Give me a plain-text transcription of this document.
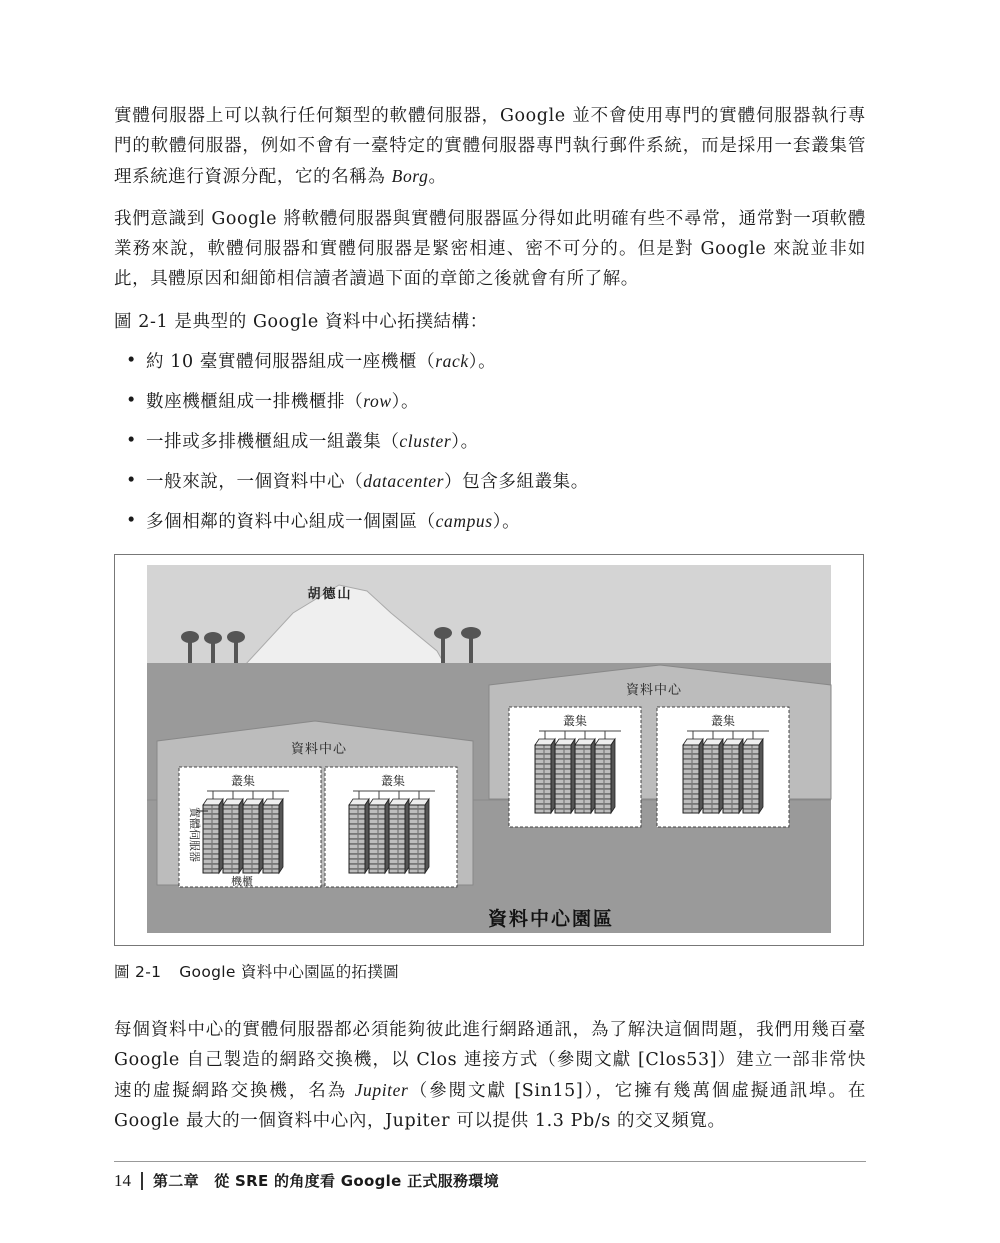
實體伺服器上可以執行任何類型的軟體伺服器，Google 並不會使用專門的實體伺服器執行專門的軟體伺服器，例如不會有一臺特定的實體伺服器專門執行郵件系統，而是採用一套叢集管理系統進行資源分配，它的名稱為 Borg。

我們意識到 Google 將軟體伺服器與實體伺服器區分得如此明確有些不尋常，通常對一項軟體業務來說，軟體伺服器和實體伺服器是緊密相連、密不可分的。但是對 Google 來說並非如此，具體原因和細節相信讀者讀過下面的章節之後就會有所了解。

圖 2-1 是典型的 Google 資料中心拓撲結構：

• 約 10 臺實體伺服器組成一座機櫃（rack）。
• 數座機櫃組成一排機櫃排（row）。
• 一排或多排機櫃組成一組叢集（cluster）。
• 一般來說，一個資料中心（datacenter）包含多組叢集。
• 多個相鄰的資料中心組成一個園區（campus）。
胡德山
資料中心
叢集
實體伺服器
機櫃
叢集
資料中心
叢集	叢集
資料中心園區
圖 2-1 Google 資料中心園區的拓撲圖

每個資料中心的實體伺服器都必須能夠彼此進行網路通訊，為了解決這個問題，我們用幾百臺 Google 自己製造的網路交換機，以 Clos 連接方式（參閱文獻 [Clos53]）建立一部非常快速的虛擬網路交換機，名為 Jupiter（參閱文獻 [Sin15]），它擁有幾萬個虛擬通訊埠。在 Google 最大的一個資料中心內，Jupiter 可以提供 1.3 Pb/s 的交叉頻寬。

14 第二章　從 SRE 的角度看 Google 正式服務環境
